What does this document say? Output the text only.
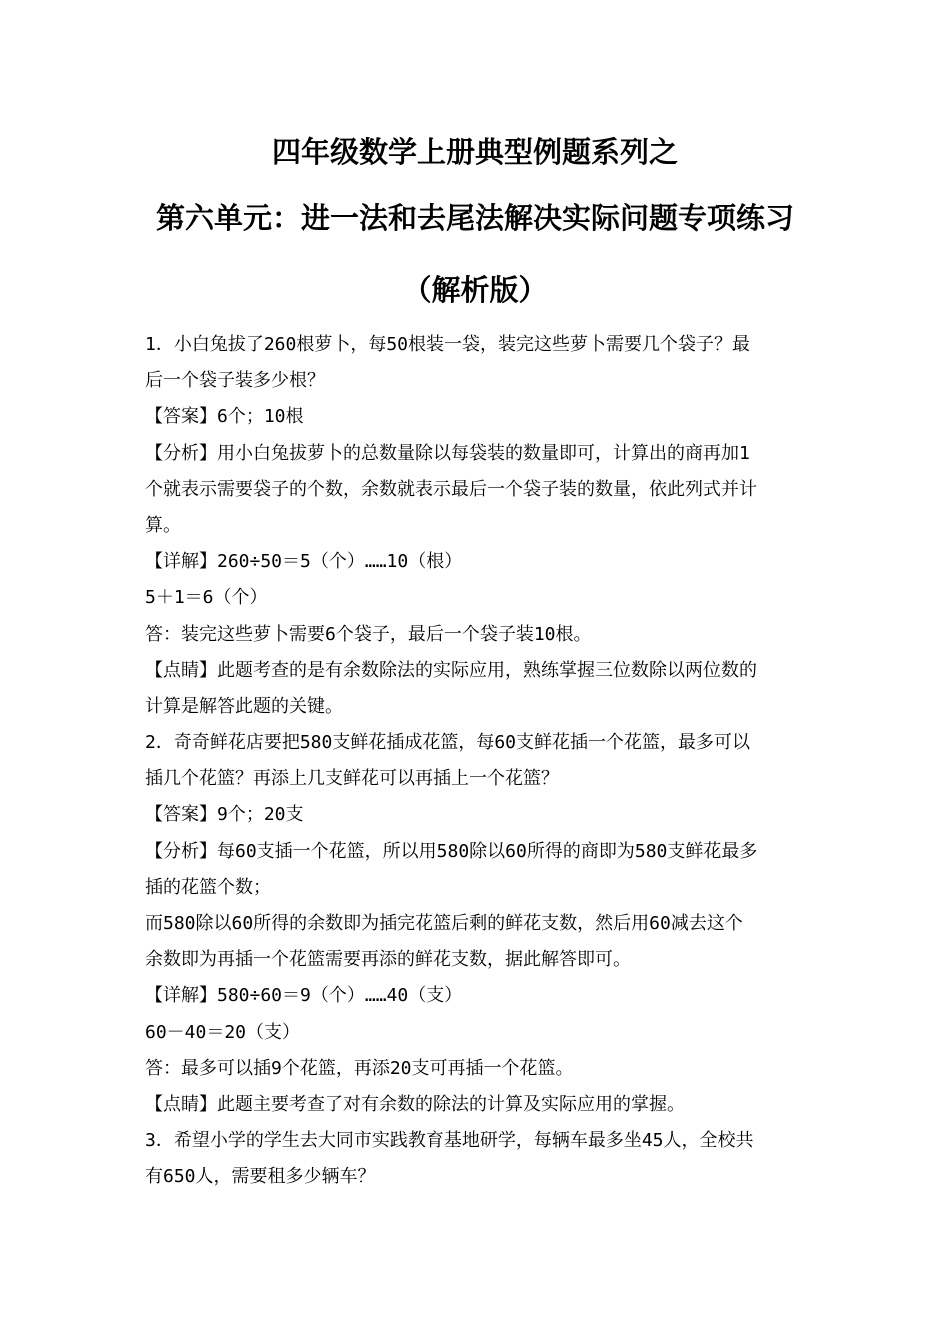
四年级数学上册典型例题系列之
第六单元：进一法和去尾法解决实际问题专项练习
（解析版）
1．小白兔拔了260根萝卜，每50根装一袋，装完这些萝卜需要几个袋子？最
后一个袋子装多少根？
【答案】6个；10根
【分析】用小白兔拔萝卜的总数量除以每袋装的数量即可，计算出的商再加1
个就表示需要袋子的个数，余数就表示最后一个袋子装的数量，依此列式并计
算。
【详解】260÷50＝5（个）……10（根）
5＋1＝6（个）
答：装完这些萝卜需要6个袋子，最后一个袋子装10根。
【点睛】此题考查的是有余数除法的实际应用，熟练掌握三位数除以两位数的
计算是解答此题的关键。
2．奇奇鲜花店要把580支鲜花插成花篮，每60支鲜花插一个花篮，最多可以
插几个花篮？再添上几支鲜花可以再插上一个花篮？
【答案】9个；20支
【分析】每60支插一个花篮，所以用580除以60所得的商即为580支鲜花最多
插的花篮个数；
而580除以60所得的余数即为插完花篮后剩的鲜花支数，然后用60减去这个
余数即为再插一个花篮需要再添的鲜花支数，据此解答即可。
【详解】580÷60＝9（个）……40（支）
60－40＝20（支）
答：最多可以插9个花篮，再添20支可再插一个花篮。
【点睛】此题主要考查了对有余数的除法的计算及实际应用的掌握。
3．希望小学的学生去大同市实践教育基地研学，每辆车最多坐45人，全校共
有650人，需要租多少辆车？
